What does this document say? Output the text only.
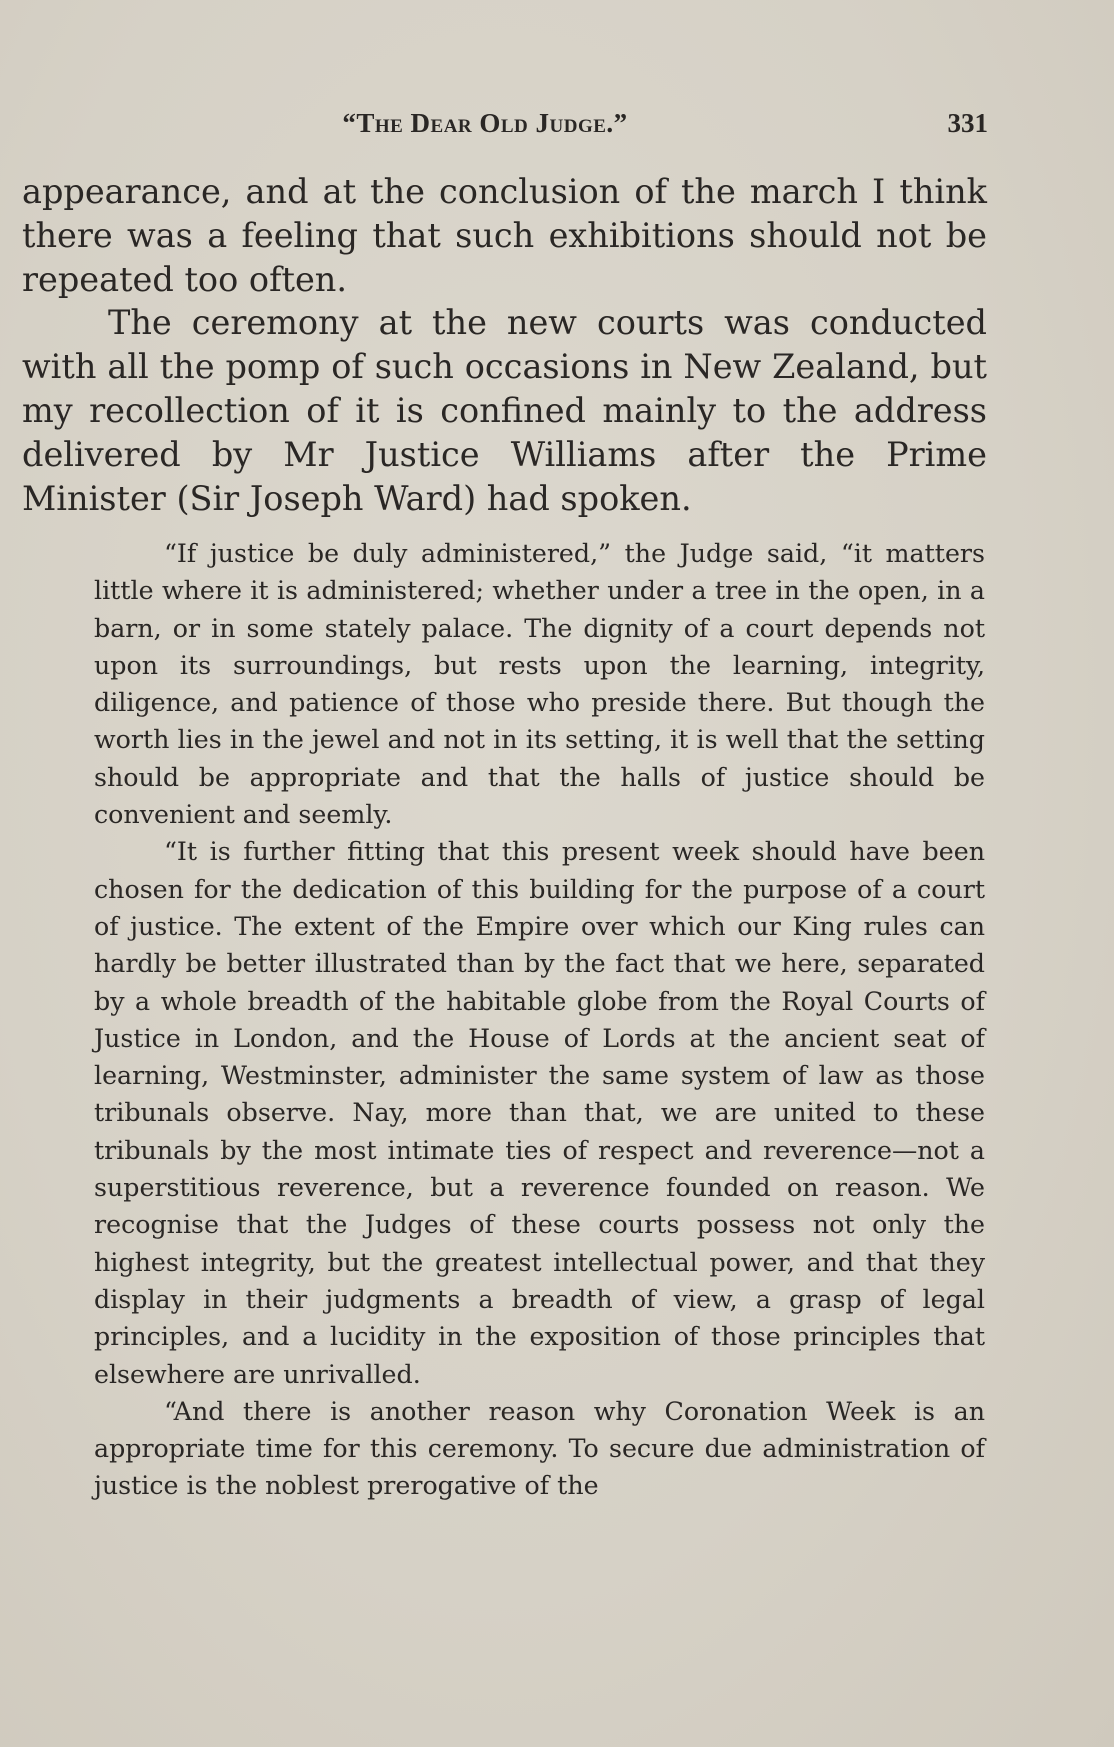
“The Dear Old Judge.”	331

appearance, and at the conclusion of the march I think there was a feeling that such exhibitions should not be repeated too often.

The ceremony at the new courts was conducted with all the pomp of such occasions in New Zealand, but my recollection of it is confined mainly to the address delivered by Mr Justice Williams after the Prime Minister (Sir Joseph Ward) had spoken.

“If justice be duly administered,” the Judge said, “it matters little where it is administered; whether under a tree in the open, in a barn, or in some stately palace. The dignity of a court depends not upon its surroundings, but rests upon the learning, integrity, diligence, and patience of those who preside there. But though the worth lies in the jewel and not in its setting, it is well that the setting should be appropriate and that the halls of justice should be convenient and seemly.

“It is further fitting that this present week should have been chosen for the dedication of this building for the purpose of a court of justice. The extent of the Empire over which our King rules can hardly be better illustrated than by the fact that we here, separated by a whole breadth of the habitable globe from the Royal Courts of Justice in London, and the House of Lords at the ancient seat of learning, Westminster, administer the same system of law as those tribunals observe. Nay, more than that, we are united to these tribunals by the most intimate ties of respect and reverence—not a superstitious reverence, but a reverence founded on reason. We recognise that the Judges of these courts possess not only the highest integrity, but the greatest intellectual power, and that they display in their judgments a breadth of view, a grasp of legal principles, and a lucidity in the exposition of those principles that elsewhere are unrivalled.

“And there is another reason why Coronation Week is an appropriate time for this ceremony. To secure due administration of justice is the noblest prerogative of the
